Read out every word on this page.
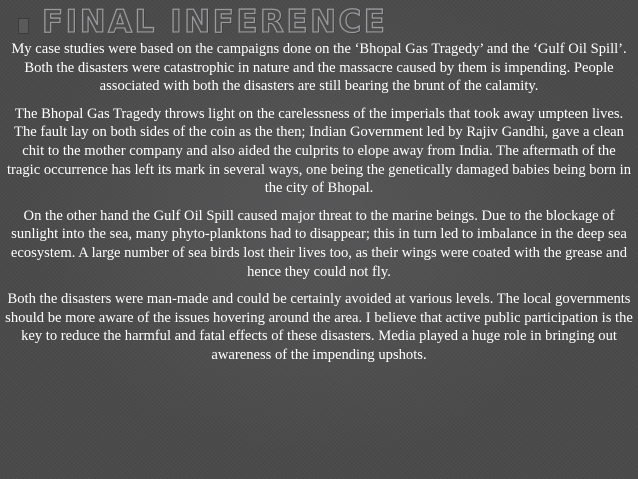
FINAL INFERENCE

My case studies were based on the campaigns done on the ‘Bhopal Gas Tragedy’ and the ‘Gulf Oil Spill’. Both the disasters were catastrophic in nature and the massacre caused by them is impending. People associated with both the disasters are still bearing the brunt of the calamity.

The Bhopal Gas Tragedy throws light on the carelessness of the imperials that took away umpteen lives. The fault lay on both sides of the coin as the then; Indian Government led by Rajiv Gandhi, gave a clean chit to the mother company and also aided the culprits to elope away from India. The aftermath of the tragic occurrence has left its mark in several ways, one being the genetically damaged babies being born in the city of Bhopal.

On the other hand the Gulf Oil Spill caused major threat to the marine beings. Due to the blockage of sunlight into the sea, many phyto-planktons had to disappear; this in turn led to imbalance in the deep sea ecosystem. A large number of sea birds lost their lives too, as their wings were coated with the grease and hence they could not fly.

Both the disasters were man-made and could be certainly avoided at various levels. The local governments should be more aware of the issues hovering around the area. I believe that active public participation is the key to reduce the harmful and fatal effects of these disasters. Media played a huge role in bringing out awareness of the impending upshots.
